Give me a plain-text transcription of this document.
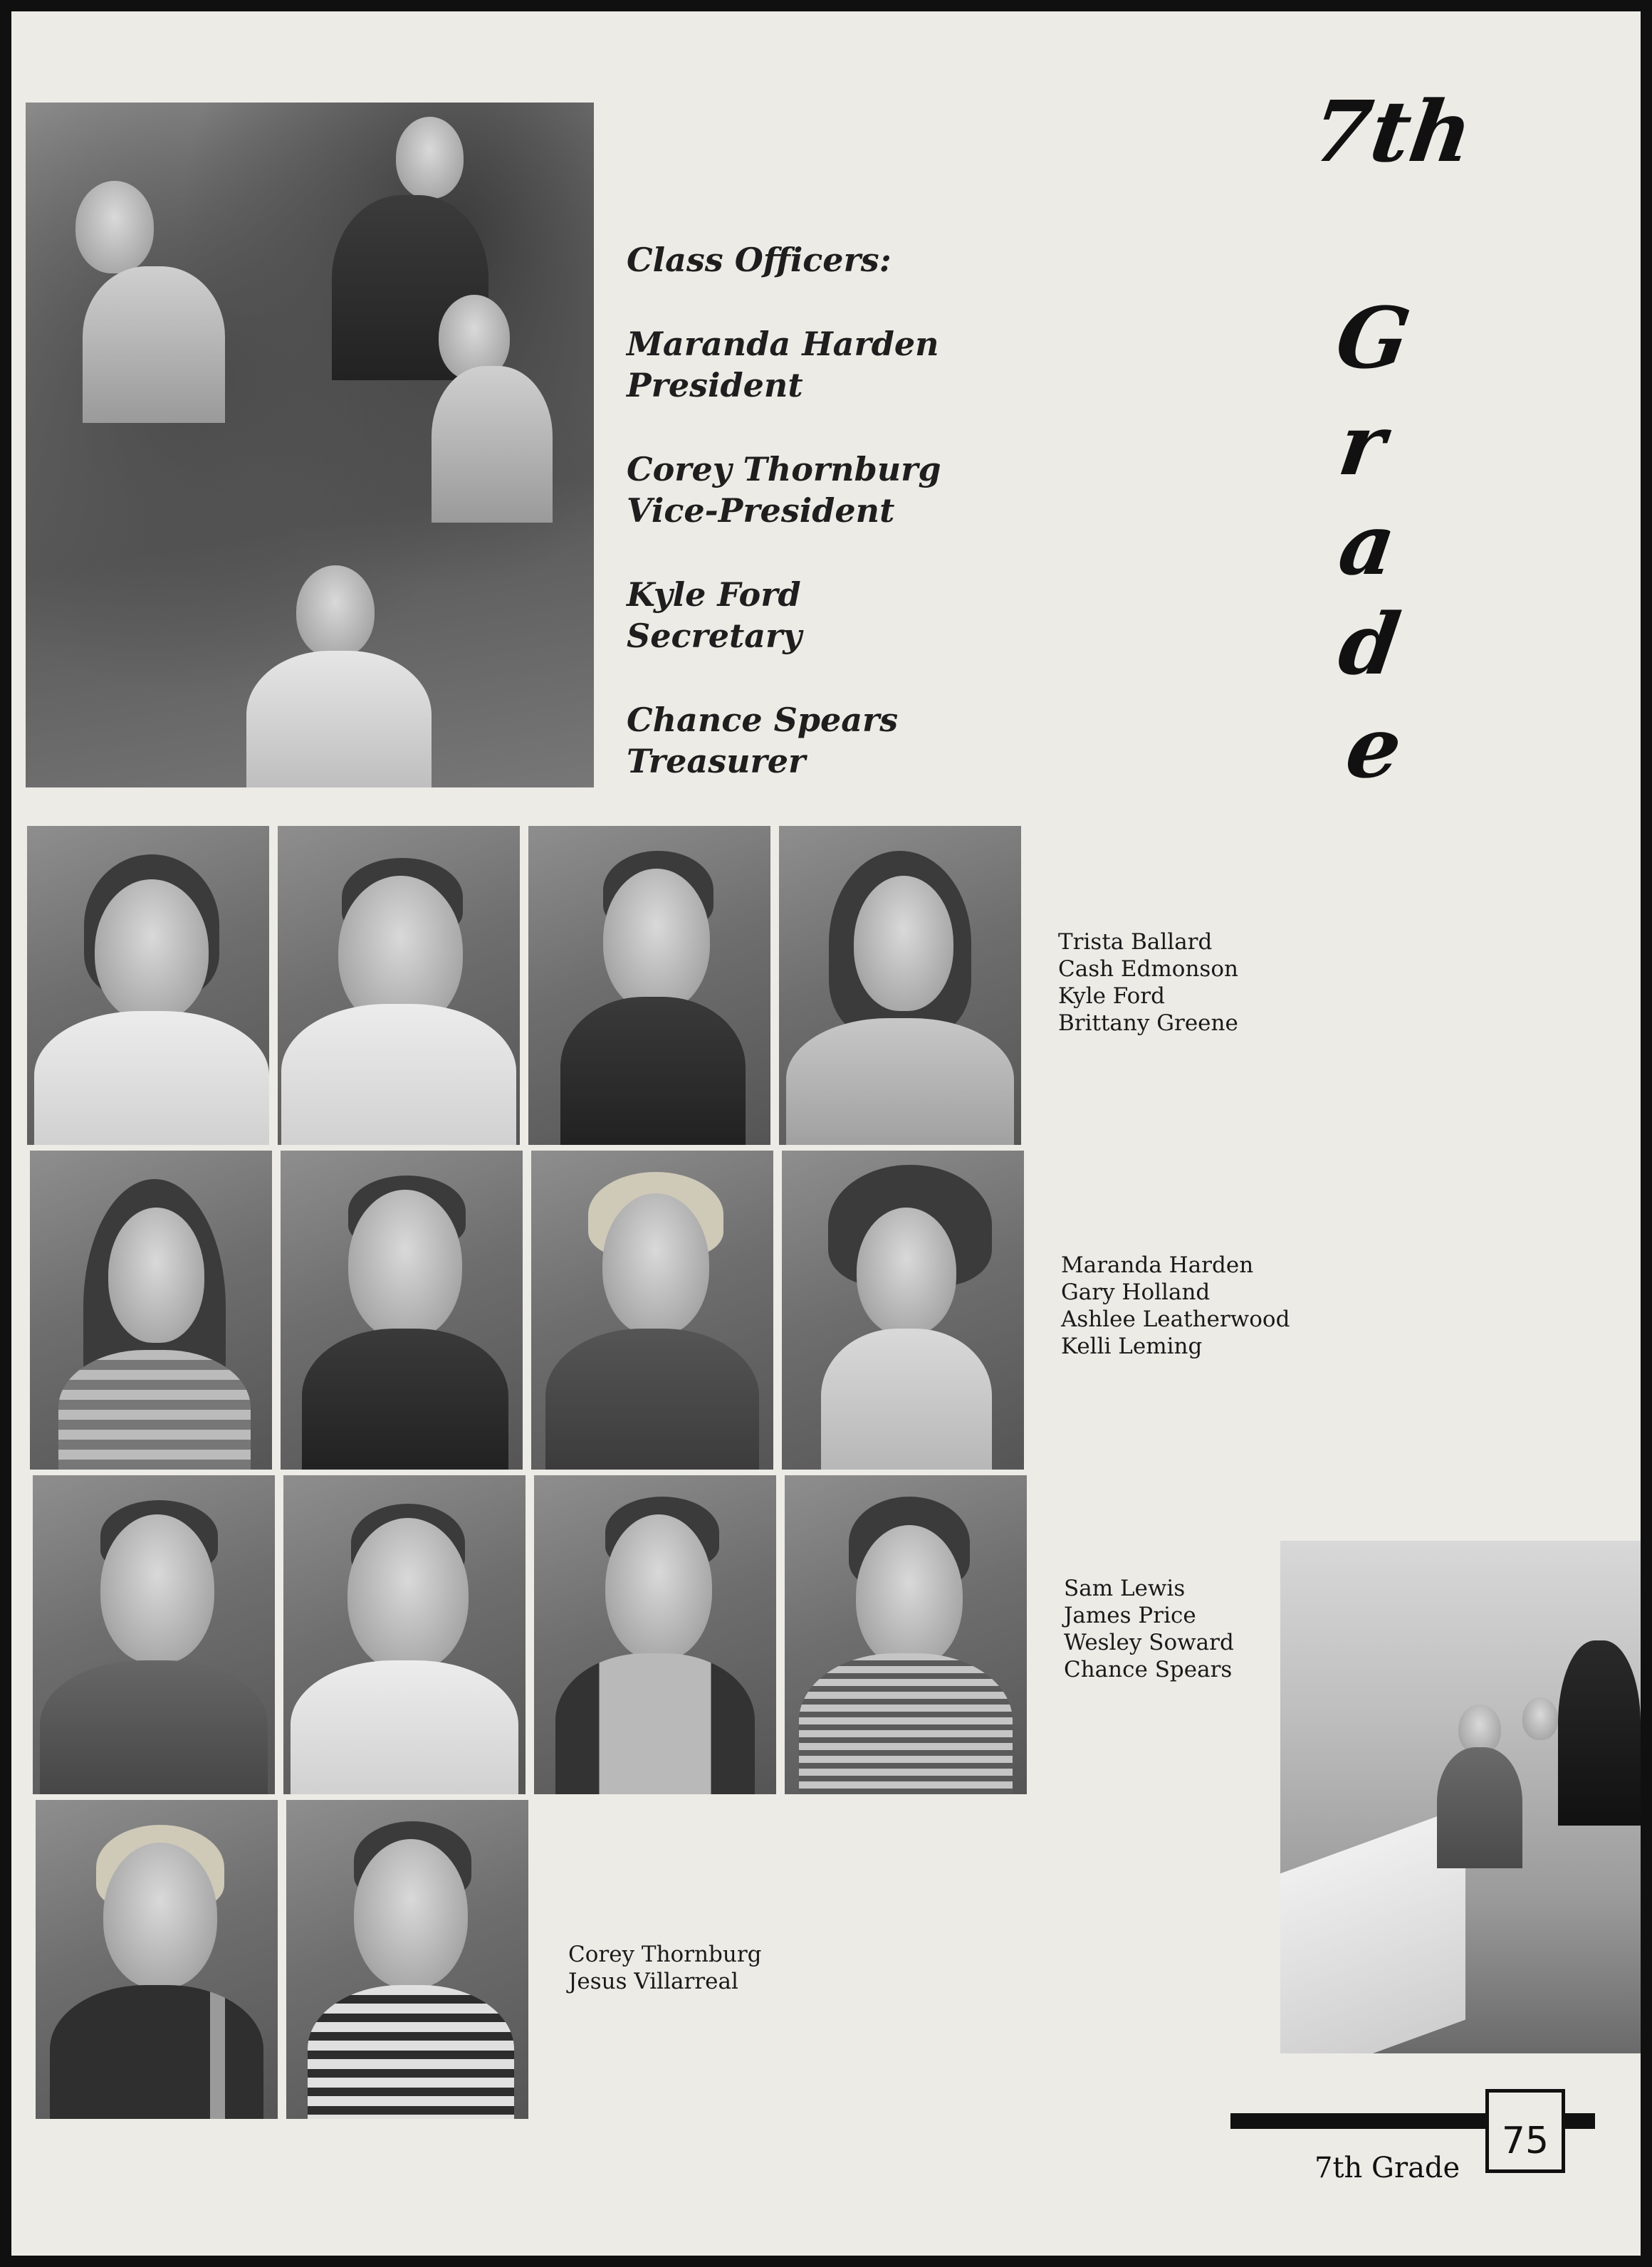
Class Officers:
Maranda Harden
President
Corey Thornburg
Vice-President
Kyle Ford
Secretary
Chance Spears
Treasurer
7th
G
r
a
d
e
Trista Ballard
Cash Edmonson
Kyle Ford
Brittany Greene
Maranda Harden
Gary Holland
Ashlee Leatherwood
Kelli Leming
Sam Lewis
James Price
Wesley Soward
Chance Spears
Corey Thornburg
Jesus Villarreal
7th Grade
75
